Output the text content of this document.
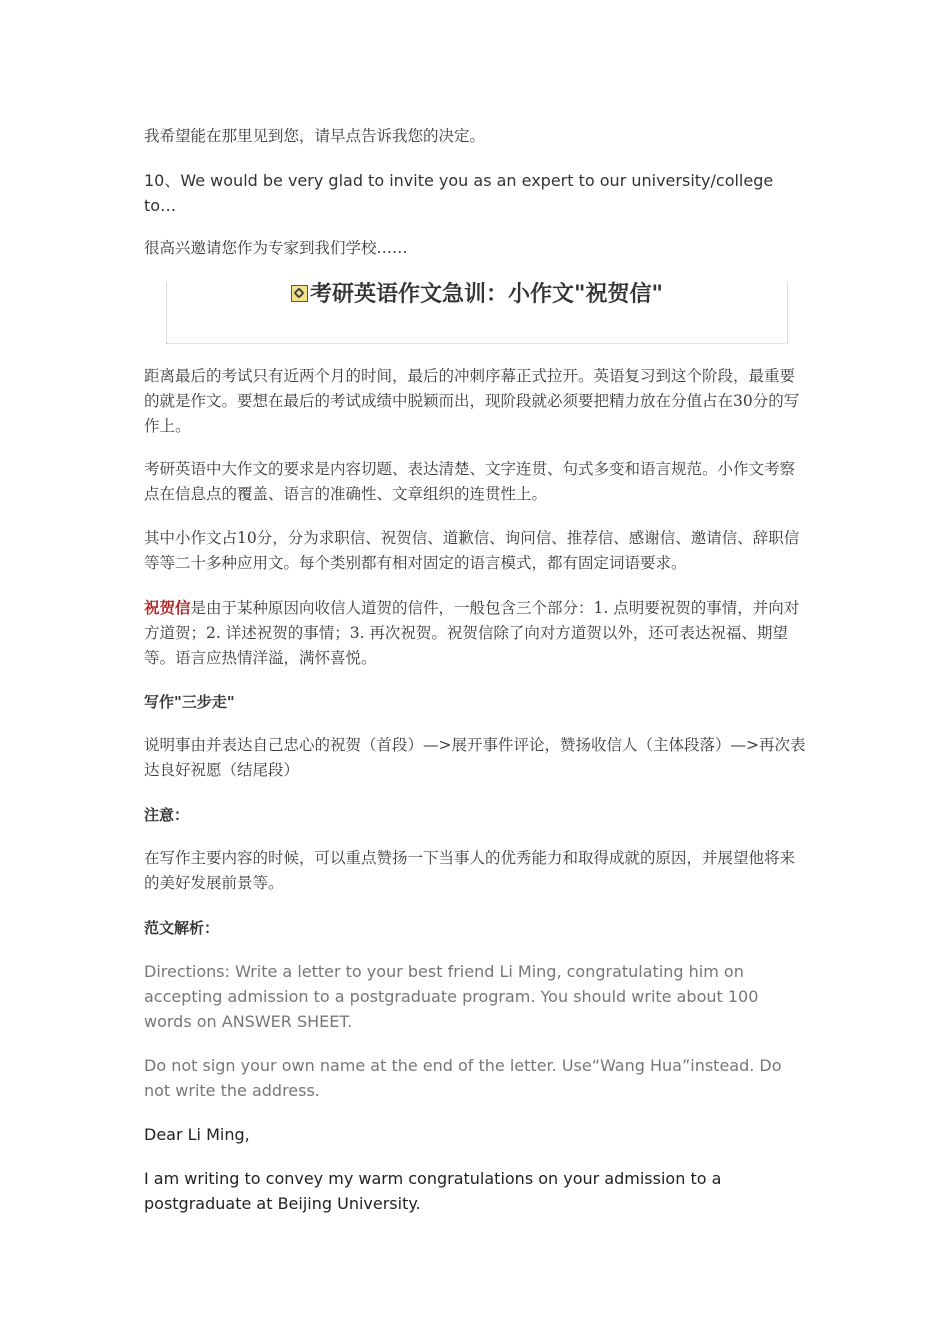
我希望能在那里见到您，请早点告诉我您的决定。

10、We would be very glad to invite you as an expert to our university/college to…

很高兴邀请您作为专家到我们学校……

考研英语作文急训：小作文"祝贺信"

距离最后的考试只有近两个月的时间，最后的冲刺序幕正式拉开。英语复习到这个阶段，最重要的就是作文。要想在最后的考试成绩中脱颖而出，现阶段就必须要把精力放在分值占在30分的写作上。

考研英语中大作文的要求是内容切题、表达清楚、文字连贯、句式多变和语言规范。小作文考察点在信息点的覆盖、语言的准确性、文章组织的连贯性上。

其中小作文占10分，分为求职信、祝贺信、道歉信、询问信、推荐信、感谢信、邀请信、辞职信等等二十多种应用文。每个类别都有相对固定的语言模式，都有固定词语要求。

祝贺信是由于某种原因向收信人道贺的信件，一般包含三个部分：1. 点明要祝贺的事情，并向对方道贺；2. 详述祝贺的事情；3. 再次祝贺。祝贺信除了向对方道贺以外，还可表达祝福、期望等。语言应热情洋溢，满怀喜悦。

写作"三步走"

说明事由并表达自己忠心的祝贺（首段）—>展开事件评论，赞扬收信人（主体段落）—>再次表达良好祝愿（结尾段）

注意：

在写作主要内容的时候，可以重点赞扬一下当事人的优秀能力和取得成就的原因，并展望他将来的美好发展前景等。

范文解析：

Directions: Write a letter to your best friend Li Ming, congratulating him on accepting admission to a postgraduate program. You should write about 100 words on ANSWER SHEET.

Do not sign your own name at the end of the letter. Use“Wang Hua”instead. Do not write the address.

Dear Li Ming,

I am writing to convey my warm congratulations on your admission to a postgraduate at Beijing University.
